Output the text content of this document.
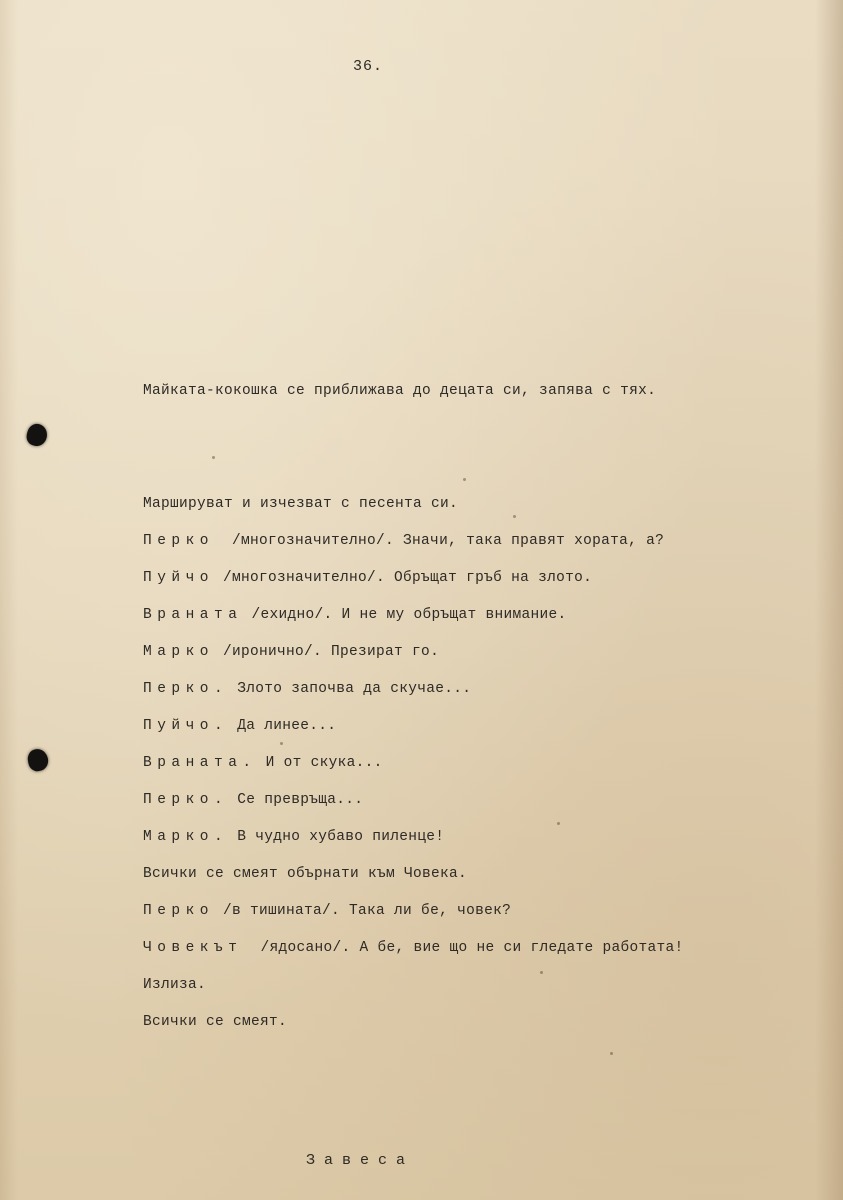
36.
Майката-кокошка се приближава до децата си, запява с тях.
Маршируват и изчезват с песента си.
Перко /многозначително/. Значи, така правят хората, а?
Пуйчо /многозначително/. Обръщат гръб на злото.
Враната /ехидно/. И не му обръщат внимание.
Марко /иронично/. Презират го.
Перко. Злото започва да скучае...
Пуйчо. Да линее...
Враната. И от скука...
Перко. Се превръща...
Марко. В чудно хубаво пиленце!
Всички се смеят обърнати към Човека.
Перко /в тишината/. Така ли бе, човек?
Човекът /ядосано/. А бе, вие що не си гледате работата!
Излиза.
Всички се смеят.
Завеса
